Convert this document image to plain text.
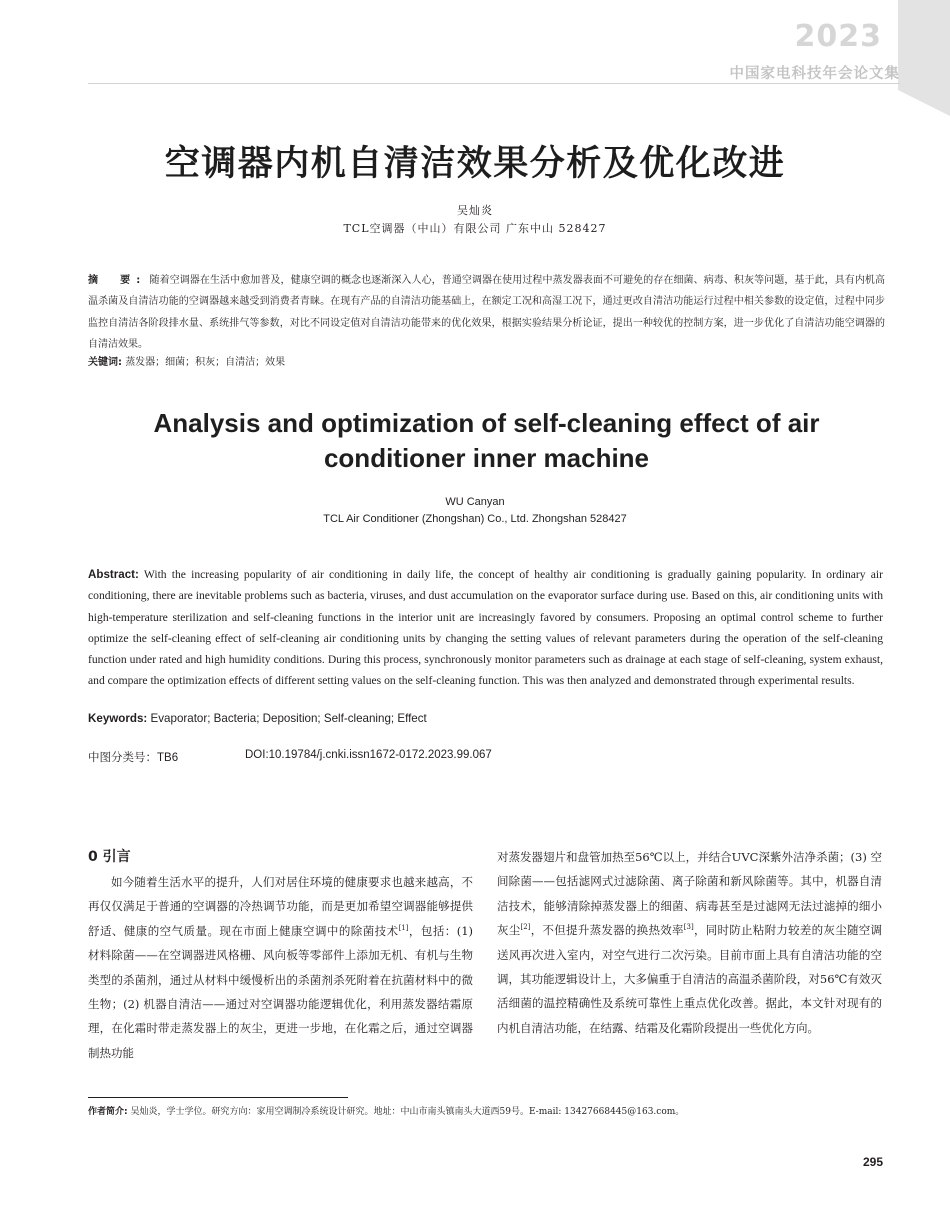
2023
中国家电科技年会论文集
空调器内机自清洁效果分析及优化改进
吴灿炎
TCL空调器（中山）有限公司 广东中山 528427

摘　要: 随着空调器在生活中愈加普及，健康空调的概念也逐渐深入人心，普通空调器在使用过程中蒸发器表面不可避免的存在细菌、病毒、积灰等问题，基于此，具有内机高温杀菌及自清洁功能的空调器越来越受到消费者青睐。在现有产品的自清洁功能基础上，在额定工况和高湿工况下，通过更改自清洁功能运行过程中相关参数的设定值，过程中同步监控自清洁各阶段排水量、系统排气等参数，对比不同设定值对自清洁功能带来的优化效果，根据实验结果分析论证，提出一种较优的控制方案，进一步优化了自清洁功能空调器的自清洁效果。

关键词: 蒸发器；细菌；积灰；自清洁；效果

Analysis and optimization of self-cleaning effect of air conditioner inner machine
WU Canyan
TCL Air Conditioner (Zhongshan) Co., Ltd. Zhongshan 528427

Abstract: With the increasing popularity of air conditioning in daily life, the concept of healthy air conditioning is gradually gaining popularity. In ordinary air conditioning, there are inevitable problems such as bacteria, viruses, and dust accumulation on the evaporator surface during use. Based on this, air conditioning units with high-temperature sterilization and self-cleaning functions in the interior unit are increasingly favored by consumers. Proposing an optimal control scheme to further optimize the self-cleaning effect of self-cleaning air conditioning units by changing the setting values of relevant parameters during the operation of the self-cleaning function under rated and high humidity conditions. During this process, synchronously monitor parameters such as drainage at each stage of self-cleaning, system exhaust, and compare the optimization effects of different setting values on the self-cleaning function. This was then analyzed and demonstrated through experimental results.

Keywords: Evaporator; Bacteria; Deposition; Self-cleaning; Effect

中图分类号：TB6	DOI:10.19784/j.cnki.issn1672-0172.2023.99.067
0 引言

如今随着生活水平的提升，人们对居住环境的健康要求也越来越高，不再仅仅满足于普通的空调器的冷热调节功能，而是更加希望空调器能够提供舒适、健康的空气质量。现在市面上健康空调中的除菌技术[1]，包括：(1) 材料除菌——在空调器进风格栅、风向板等零部件上添加无机、有机与生物类型的杀菌剂，通过从材料中缓慢析出的杀菌剂杀死附着在抗菌材料中的微生物；(2) 机器自清洁——通过对空调器功能逻辑优化，利用蒸发器结霜原理，在化霜时带走蒸发器上的灰尘，更进一步地，在化霜之后，通过空调器制热功能

对蒸发器翅片和盘管加热至56℃以上，并结合UVC深紫外洁净杀菌；(3) 空间除菌——包括滤网式过滤除菌、离子除菌和新风除菌等。其中，机器自清洁技术，能够清除掉蒸发器上的细菌、病毒甚至是过滤网无法过滤掉的细小灰尘[2]，不但提升蒸发器的换热效率[3]，同时防止粘附力较差的灰尘随空调送风再次进入室内，对空气进行二次污染。目前市面上具有自清洁功能的空调，其功能逻辑设计上，大多偏重于自清洁的高温杀菌阶段，对56℃有效灭活细菌的温控精确性及系统可靠性上重点优化改善。据此，本文针对现有的内机自清洁功能，在结露、结霜及化霜阶段提出一些优化方向。

作者简介: 吴灿炎，学士学位。研究方向：家用空调制冷系统设计研究。地址：中山市南头镇南头大道西59号。E-mail: 13427668445@163.com。

295
